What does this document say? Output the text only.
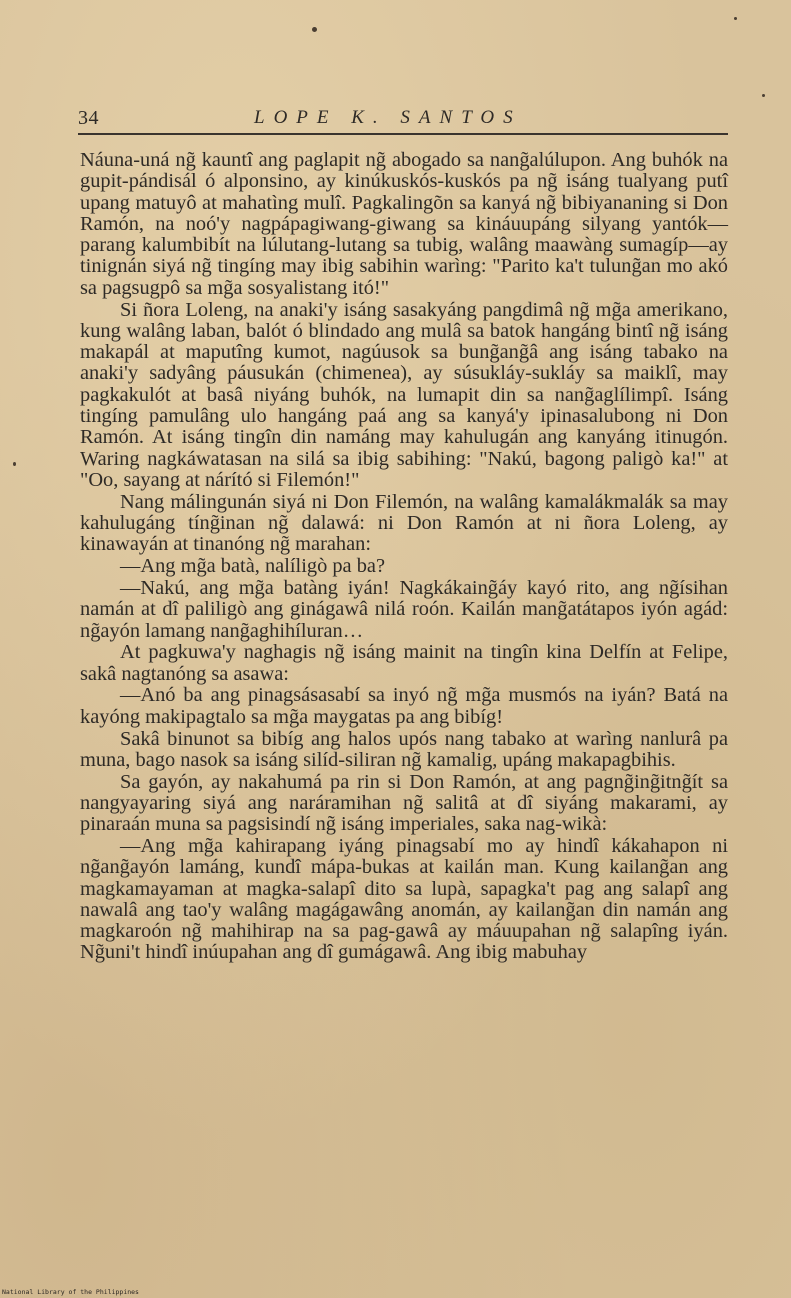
34	LOPE K. SANTOS

Náuna-uná ng̃ kauntî ang paglapit ng̃ abogado sa nang̃alúlupon. Ang buhók na gupit-pándisál ó alponsino, ay kinúkuskós-kuskós pa ng̃ isáng tualyang putî upang matuyô at mahatìng mulî. Pagkalingõn sa kanyá ng̃ bibiyananing si Don Ramón, na noó'y nagpápagiwang-giwang sa kináuupáng silyang yantók—parang kalumbibít na lúlutang-lutang sa tubig, walâng maawàng sumagíp—ay tinignán siyá ng̃ tingíng may ibig sabihin warìng: "Parito ka't tulung̃an mo akó sa pagsugpô sa mg̃a sosyalistang itó!"

Si ñora Loleng, na anaki'y isáng sasakyáng pangdimâ ng̃ mg̃a amerikano, kung walâng laban, balót ó blindado ang mulâ sa batok hangáng bintî ng̃ isáng makapál at maputîng kumot, nagúusok sa bung̃ang̃â ang isáng tabako na anaki'y sadyâng páusukán (chimenea), ay súsukláy-sukláy sa maiklî, may pagkakulót at basâ niyáng buhók, na lumapit din sa nang̃aglílimpî. Isáng tingíng pamulâng ulo hangáng paá ang sa kanyá'y ipinasalubong ni Don Ramón. At isáng tingîn din namáng may kahulugán ang kanyáng itinugón. Waring nagkáwatasan na silá sa ibig sabihing: "Nakú, bagong paligò ka!" at "Oo, sayang at nárító si Filemón!"

Nang málingunán siyá ni Don Filemón, na walâng kamalákmalák sa may kahulugáng tíng̃inan ng̃ dalawá: ni Don Ramón at ni ñora Loleng, ay kinawayán at tinanóng ng̃ marahan:

—Ang mg̃a batà, nalíligò pa ba?

—Nakú, ang mg̃a batàng iyán! Nagkákaing̃áy kayó rito, ang ng̃ísihan namán at dî paliligò ang ginágawâ nilá roón. Kailán mang̃atátapos iyón agád: ng̃ayón lamang nang̃aghihíluran…

At pagkuwa'y naghagis ng̃ isáng mainit na tingîn kina Delfín at Felipe, sakâ nagtanóng sa asawa:

—Anó ba ang pinagsásasabí sa inyó ng̃ mg̃a musmós na iyán? Batá na kayóng makipagtalo sa mg̃a maygatas pa ang bibíg!

Sakâ binunot sa bibíg ang halos upós nang tabako at warìng nanlurâ pa muna, bago nasok sa isáng silíd-siliran ng̃ kamalig, upáng makapagbihis.

Sa gayón, ay nakahumá pa rin si Don Ramón, at ang pagng̃ing̃itng̃ít sa nangyayaring siyá ang naráramihan ng̃ salitâ at dî siyáng makarami, ay pinaraán muna sa pagsisindí ng̃ isáng imperiales, saka nag-wikà:

—Ang mg̃a kahirapang iyáng pinagsabí mo ay hindî kákahapon ni ng̃ang̃ayón lamáng, kundî mápa-bukas at kailán man. Kung kailang̃an ang magkamayaman at magka-salapî dito sa lupà, sapagka't pag ang salapî ang nawalâ ang tao'y walâng magágawâng anomán, ay kailang̃an din namán ang magkaroón ng̃ mahihirap na sa pag-gawâ ay máuupahan ng̃ salapîng iyán. Ng̃uni't hindî inúupahan ang dî gumágawâ. Ang ibig mabuhay

National Library of the Philippines
